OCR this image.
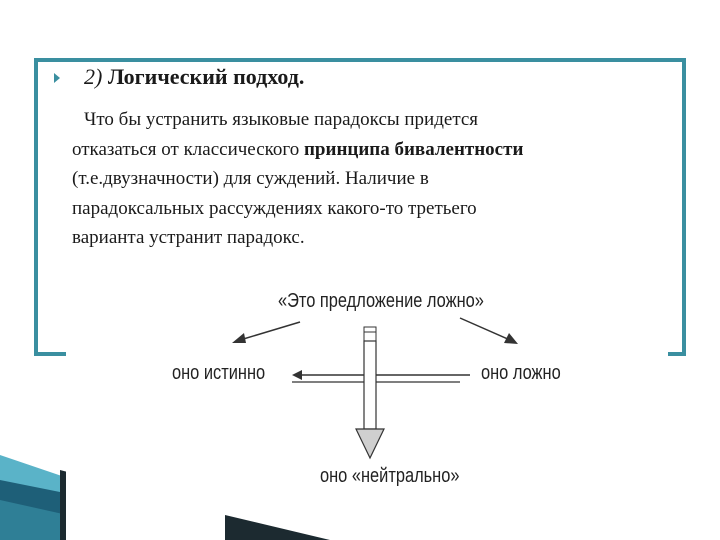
2) Логический подход.
Что бы устранить языковые парадоксы придется
отказаться от классического принципа бивалентности
(т.е.двузначности) для суждений. Наличие в
парадоксальных рассуждениях какого-то третьего
варианта устранит парадокс.
«Это предложение ложно»
оно истинно	оно ложно
оно «нейтрально»
